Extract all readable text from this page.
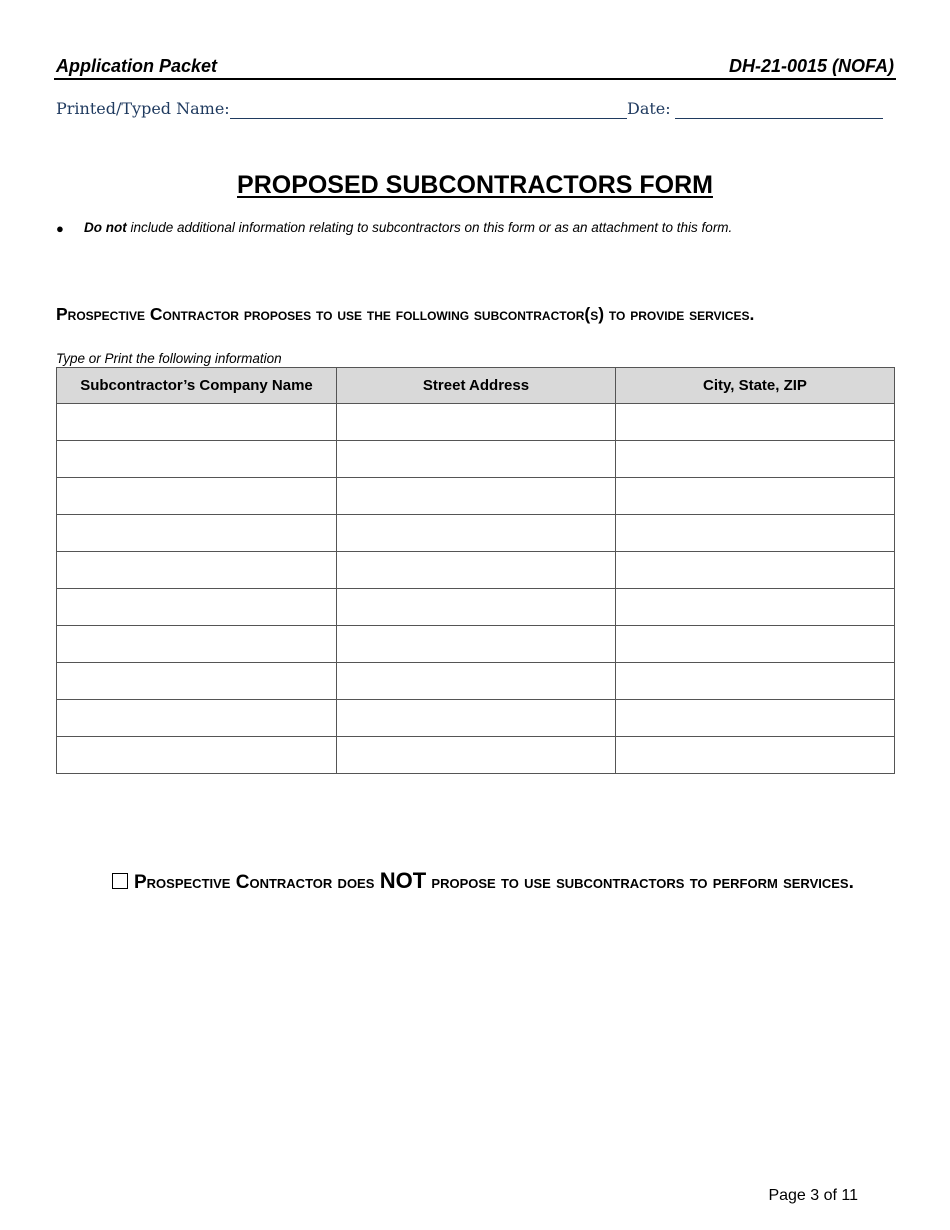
Application Packet	DH-21-0015 (NOFA)
Printed/Typed Name:	Date:
PROPOSED SUBCONTRACTORS FORM
● Do not include additional information relating to subcontractors on this form or as an attachment to this form.
Prospective Contractor proposes to use the following subcontractor(s) to provide services.
Type or Print the following information
Subcontractor’s Company Name	Street Address	City, State, ZIP

Prospective Contractor does NOT propose to use subcontractors to perform services.
Page 3 of 11
